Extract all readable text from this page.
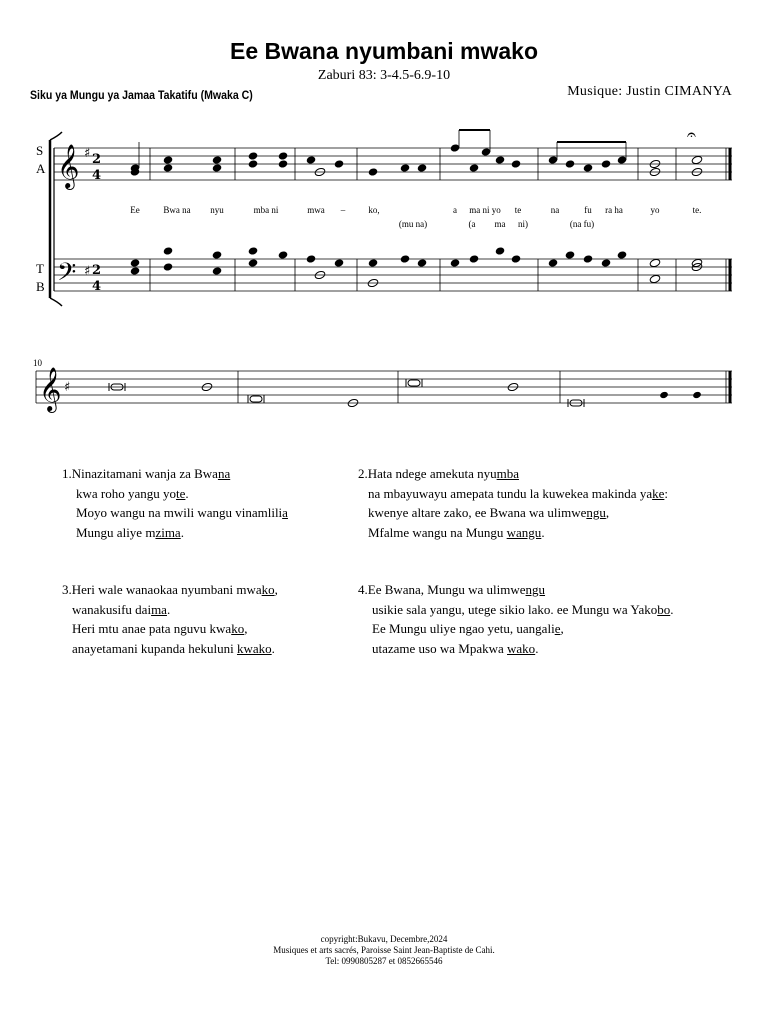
Ee Bwana nyumbani mwako
Zaburi 83: 3-4.5-6.9-10
Siku ya Mungu ya Jamaa Takatifu (Mwaka C)	Musique: Justin CIMANYA
S
A
T
B
10
𝄞
𝄢
𝄞
♯
♯
♯
2
4
2
4
𝄐
Ee	Bwa na nyu	mba ni	mwa –	ko,	a ma ni yo te	na	fu ra ha	yo	te.
(mu na)	(a ma ni)	(na fu)
1.Ninazitamani wanja za Bwana
kwa roho yangu yote.
Moyo wangu na mwili wangu vinamlilia
Mungu aliye mzima.
2.Hata ndege amekuta nyumba
na mbayuwayu amepata tundu la kuwekea makinda yake:
kwenye altare zako, ee Bwana wa ulimwengu,
Mfalme wangu na Mungu wangu.
3.Heri wale wanaokaa nyumbani mwako,
wanakusifu daima.
Heri mtu anae pata nguvu kwako,
anayetamani kupanda hekuluni kwako.
4.Ee Bwana, Mungu wa ulimwengu
usikie sala yangu, utege sikio lako. ee Mungu wa Yakobo.
Ee Mungu uliye ngao yetu, uangalie,
utazame uso wa Mpakwa wako.
copyright:Bukavu, Decembre,2024
Musiques et arts sacrés, Paroisse Saint Jean-Baptiste de Cahi.
Tel: 0990805287 et 0852665546
